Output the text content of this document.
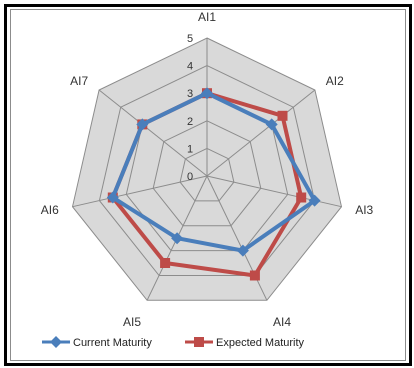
0
1
2
3
4
5
AI1
AI2
AI3
AI4
AI5
AI6
AI7
Current Maturity	Expected Maturity
